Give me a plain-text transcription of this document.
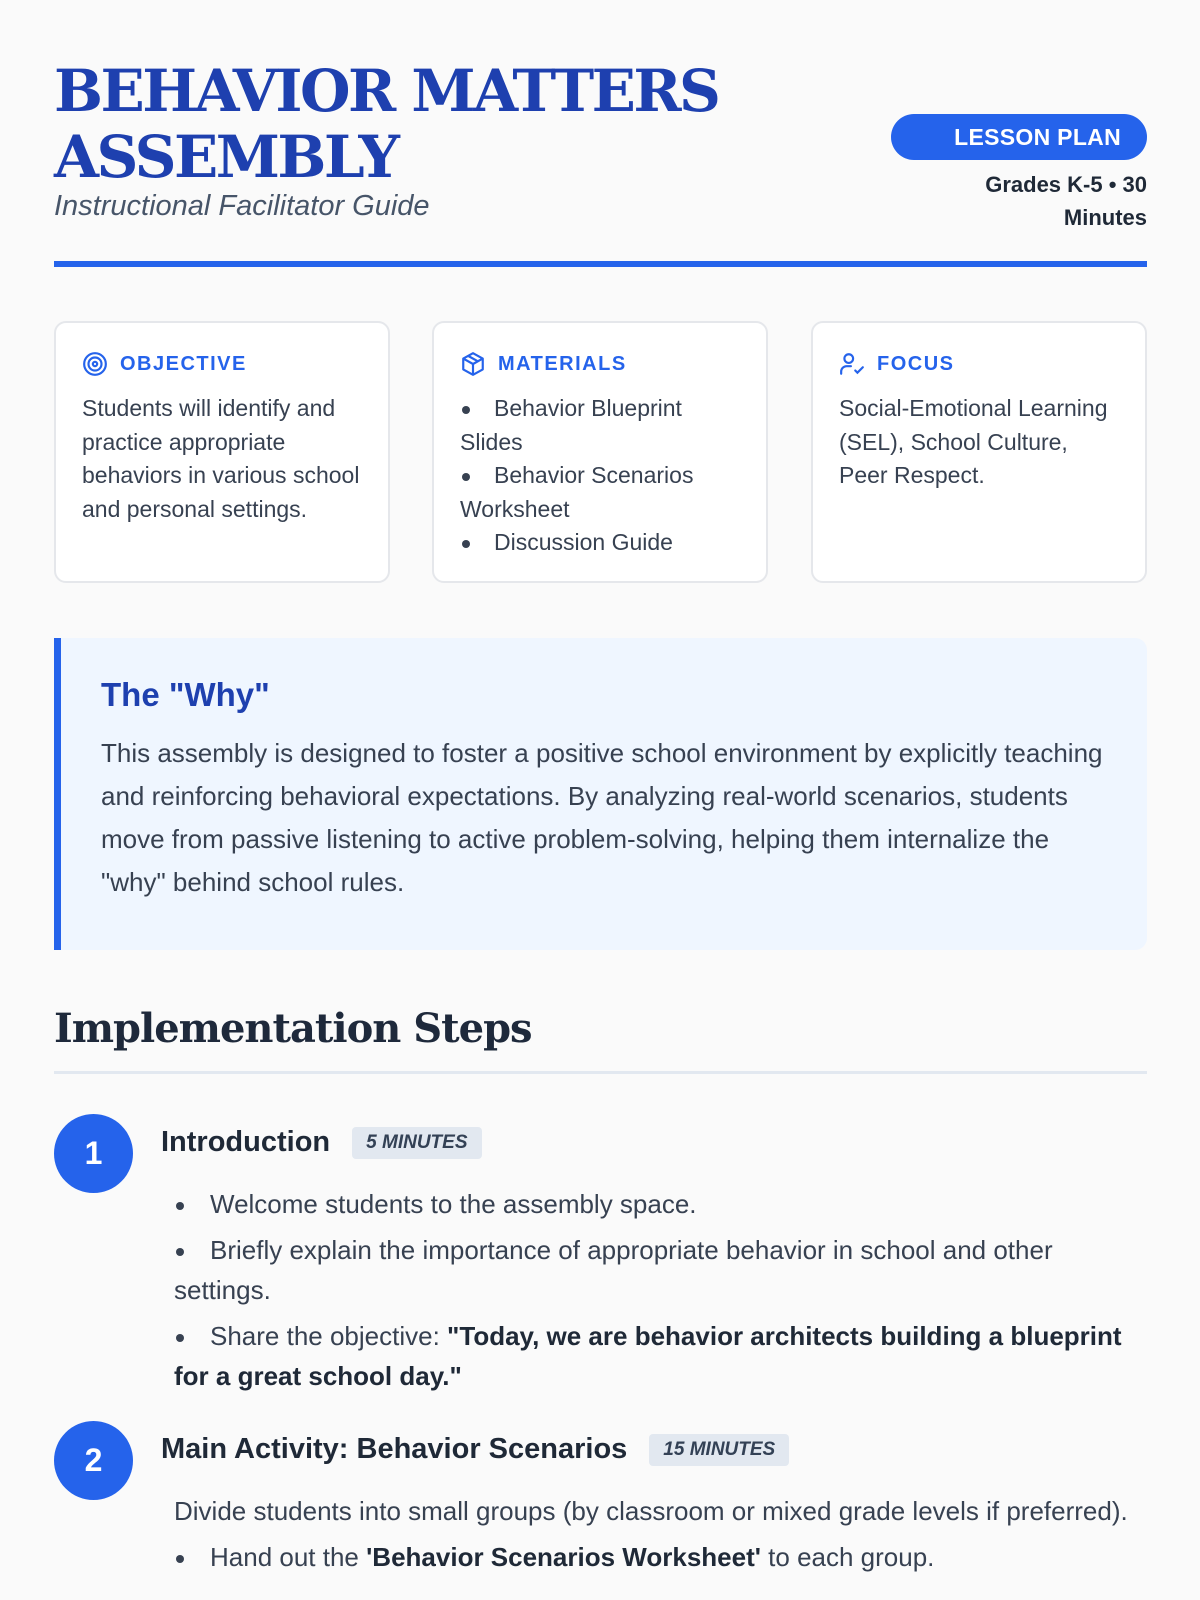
BEHAVIOR MATTERS ASSEMBLY

Instructional Facilitator Guide

LESSON PLAN
Grades K-5 • 30 Minutes
OBJECTIVE
Students will identify and practice appropriate behaviors in various school and personal settings.
MATERIALS
Behavior Blueprint Slides
Behavior Scenarios Worksheet
Discussion Guide
FOCUS
Social-Emotional Learning (SEL), School Culture, Peer Respect.
The "Why"

This assembly is designed to foster a positive school environment by explicitly teaching and reinforcing behavioral expectations. By analyzing real-world scenarios, students move from passive listening to active problem-solving, helping them internalize the "why" behind school rules.

Implementation Steps
1	Introduction	5 MINUTES
Welcome students to the assembly space.
Briefly explain the importance of appropriate behavior in school and other settings.
Share the objective: "Today, we are behavior architects building a blueprint for a great school day."
2	Main Activity: Behavior Scenarios	15 MINUTES

Divide students into small groups (by classroom or mixed grade levels if preferred).

Hand out the 'Behavior Scenarios Worksheet' to each group.
